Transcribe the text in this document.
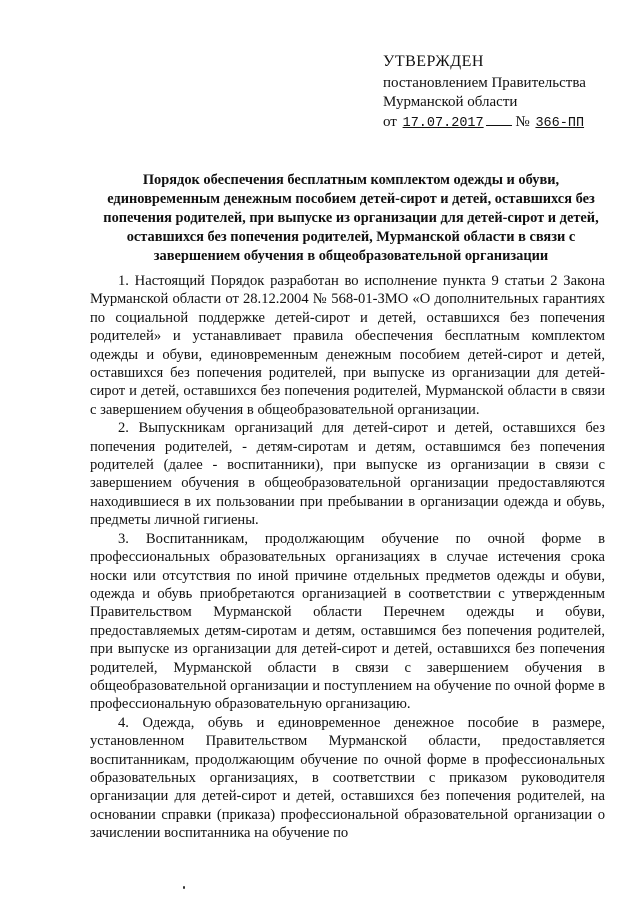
УТВЕРЖДЕН
постановлением Правительства
Мурманской области
от 17.07.2017 № 366-ПП
Порядок обеспечения бесплатным комплектом одежды и обуви, единовременным денежным пособием детей-сирот и детей, оставшихся без попечения родителей, при выпуске из организации для детей-сирот и детей, оставшихся без попечения родителей, Мурманской области в связи с завершением обучения в общеобразовательной организации

1. Настоящий Порядок разработан во исполнение пункта 9 статьи 2 Закона Мурманской области от 28.12.2004 № 568-01-ЗМО «О дополнительных гарантиях по социальной поддержке детей-сирот и детей, оставшихся без попечения родителей» и устанавливает правила обеспечения бесплатным комплектом одежды и обуви, единовременным денежным пособием детей-сирот и детей, оставшихся без попечения родителей, при выпуске из организации для детей-сирот и детей, оставшихся без попечения родителей, Мурманской области в связи с завершением обучения в общеобразовательной организации.

2. Выпускникам организаций для детей-сирот и детей, оставшихся без попечения родителей, - детям-сиротам и детям, оставшимся без попечения родителей (далее - воспитанники), при выпуске из организации в связи с завершением обучения в общеобразовательной организации предоставляются находившиеся в их пользовании при пребывании в организации одежда и обувь, предметы личной гигиены.

3. Воспитанникам, продолжающим обучение по очной форме в профессиональных образовательных организациях в случае истечения срока носки или отсутствия по иной причине отдельных предметов одежды и обуви, одежда и обувь приобретаются организацией в соответствии с утвержденным Правительством Мурманской области Перечнем одежды и обуви, предоставляемых детям-сиротам и детям, оставшимся без попечения родителей, при выпуске из организации для детей-сирот и детей, оставшихся без попечения родителей, Мурманской области в связи с завершением обучения в общеобразовательной организации и поступлением на обучение по очной форме в профессиональную образовательную организацию.

4. Одежда, обувь и единовременное денежное пособие в размере, установленном Правительством Мурманской области, предоставляется воспитанникам, продолжающим обучение по очной форме в профессиональных образовательных организациях, в соответствии с приказом руководителя организации для детей-сирот и детей, оставшихся без попечения родителей, на основании справки (приказа) профессиональной образовательной организации о зачислении воспитанника на обучение по
